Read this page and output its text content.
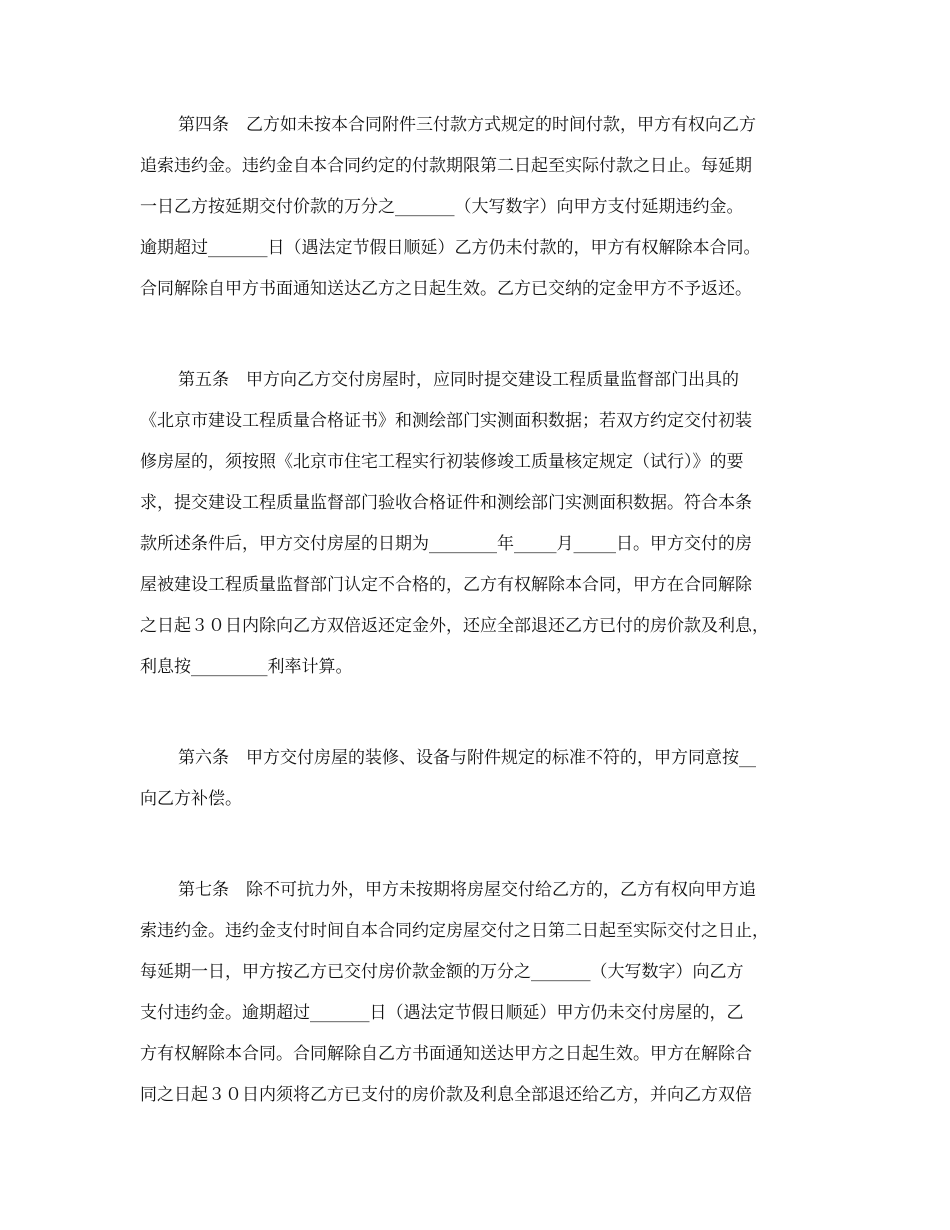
第四条　乙方如未按本合同附件三付款方式规定的时间付款，甲方有权向乙方

追索违约金。违约金自本合同约定的付款期限第二日起至实际付款之日止。每延期

一日乙方按延期交付价款的万分之_______（大写数字）向甲方支付延期违约金。

逾期超过_______日（遇法定节假日顺延）乙方仍未付款的，甲方有权解除本合同。

合同解除自甲方书面通知送达乙方之日起生效。乙方已交纳的定金甲方不予返还。

第五条　甲方向乙方交付房屋时，应同时提交建设工程质量监督部门出具的

《北京市建设工程质量合格证书》和测绘部门实测面积数据；若双方约定交付初装

修房屋的，须按照《北京市住宅工程实行初装修竣工质量核定规定（试行）》的要

求，提交建设工程质量监督部门验收合格证件和测绘部门实测面积数据。符合本条

款所述条件后，甲方交付房屋的日期为________年_____月_____日。甲方交付的房

屋被建设工程质量监督部门认定不合格的，乙方有权解除本合同，甲方在合同解除

之日起３０日内除向乙方双倍返还定金外，还应全部退还乙方已付的房价款及利息，

利息按_________利率计算。

第六条　甲方交付房屋的装修、设备与附件规定的标准不符的，甲方同意按__

向乙方补偿。

第七条　除不可抗力外，甲方未按期将房屋交付给乙方的，乙方有权向甲方追

索违约金。违约金支付时间自本合同约定房屋交付之日第二日起至实际交付之日止，

每延期一日，甲方按乙方已交付房价款金额的万分之_______（大写数字）向乙方

支付违约金。逾期超过_______日（遇法定节假日顺延）甲方仍未交付房屋的，乙

方有权解除本合同。合同解除自乙方书面通知送达甲方之日起生效。甲方在解除合

同之日起３０日内须将乙方已支付的房价款及利息全部退还给乙方，并向乙方双倍
